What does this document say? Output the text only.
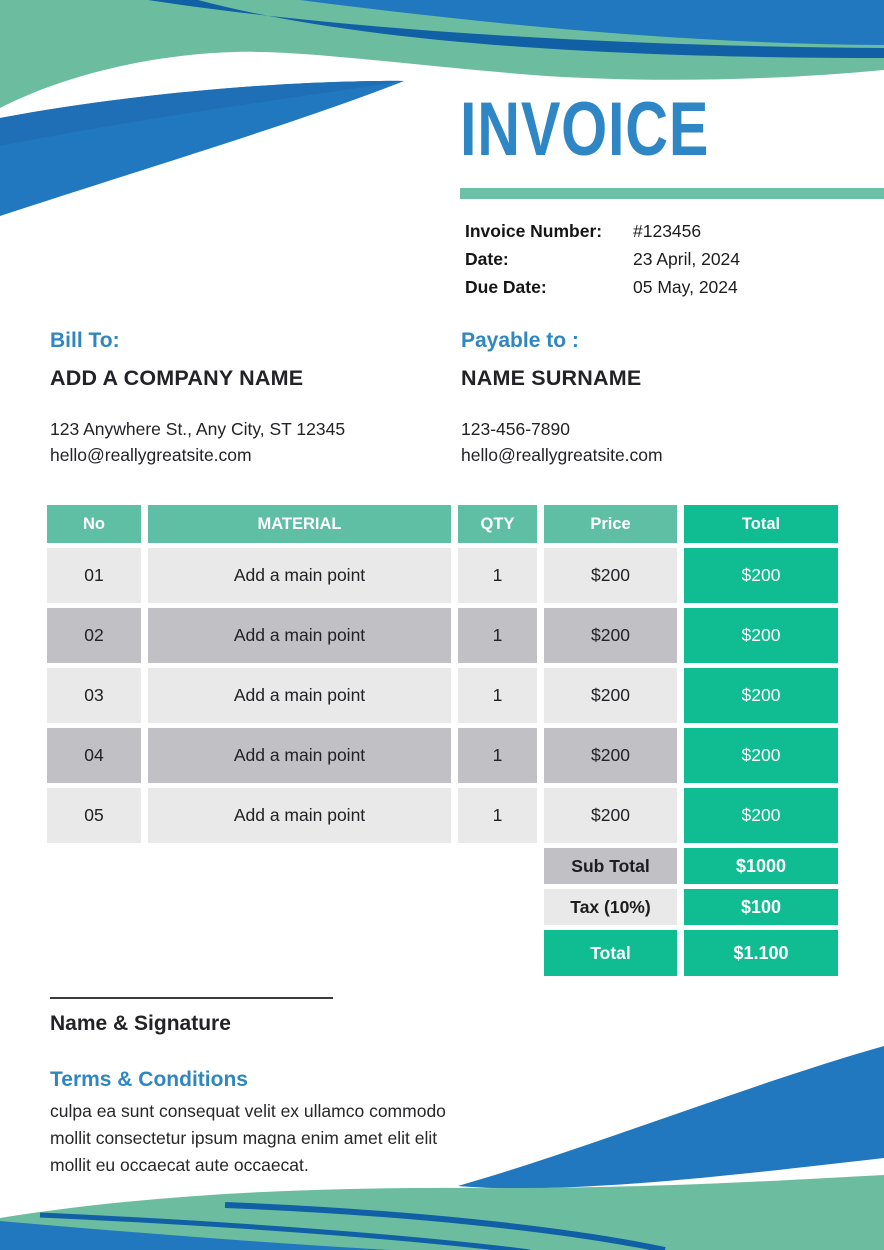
INVOICE
Invoice Number:	#123456
Date:	23 April, 2024
Due Date:	05 May, 2024
Bill To:
ADD A COMPANY NAME
123 Anywhere St., Any City, ST 12345
hello@reallygreatsite.com
Payable to :
NAME SURNAME
123-456-7890
hello@reallygreatsite.com
No	MATERIAL	QTY	Price	Total
01	Add a main point	1	$200	$200
02	Add a main point	1	$200	$200
03	Add a main point	1	$200	$200
04	Add a main point	1	$200	$200
05	Add a main point	1	$200	$200
Sub Total	$1000
Tax (10%)	$100
Total	$1.100
Name & Signature
Terms & Conditions
culpa ea sunt consequat velit ex ullamco commodo mollit consectetur ipsum magna enim amet elit elit mollit eu occaecat aute occaecat.
